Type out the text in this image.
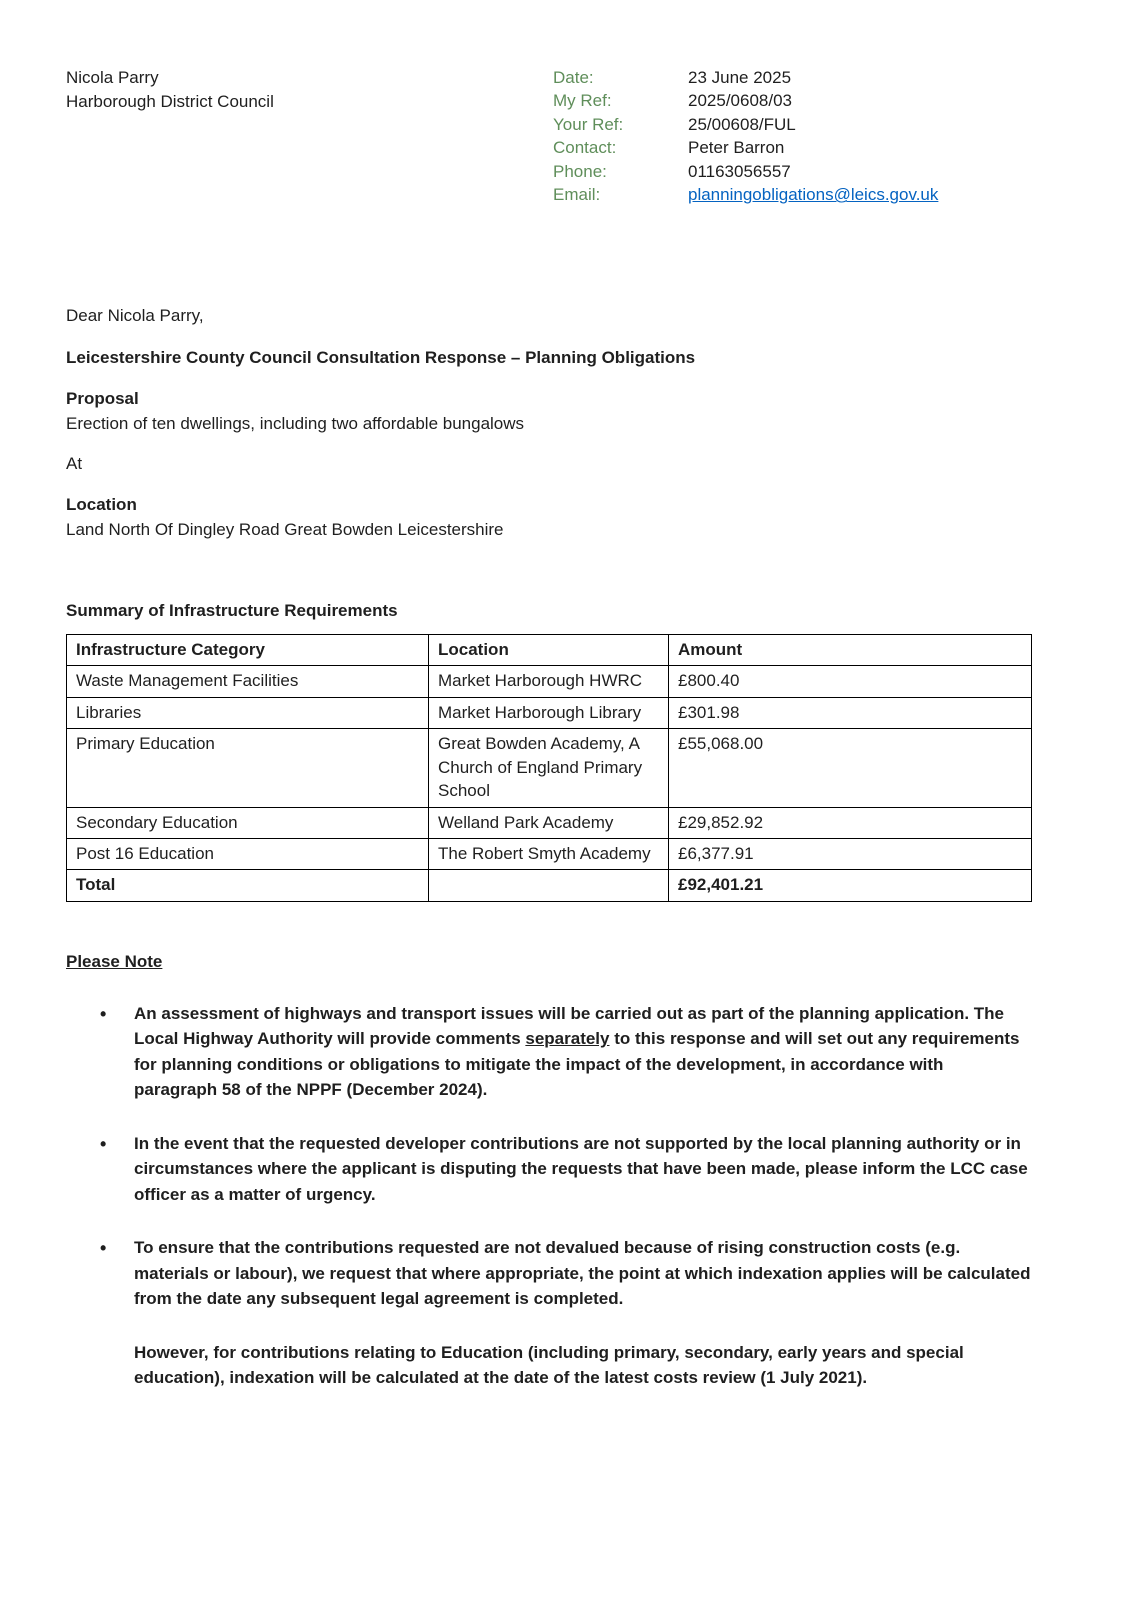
Nicola Parry
Harborough District Council
Date:	23 June 2025
My Ref:	2025/0608/03
Your Ref:	25/00608/FUL
Contact:	Peter Barron
Phone:	01163056557
Email:	planningobligations@leics.gov.uk
Dear Nicola Parry,
Leicestershire County Council Consultation Response – Planning Obligations
Proposal
Erection of ten dwellings, including two affordable bungalows
At
Location
Land North Of Dingley Road Great Bowden Leicestershire
Summary of Infrastructure Requirements
Infrastructure Category	Location	Amount
Waste Management Facilities	Market Harborough HWRC	£800.40
Libraries	Market Harborough Library	£301.98
Primary Education	Great Bowden Academy, A Church of England Primary School	£55,068.00
Secondary Education	Welland Park Academy	£29,852.92
Post 16 Education	The Robert Smyth Academy	£6,377.91
Total		£92,401.21
Please Note
• An assessment of highways and transport issues will be carried out as part of the planning application. The Local Highway Authority will provide comments separately to this response and will set out any requirements for planning conditions or obligations to mitigate the impact of the development, in accordance with paragraph 58 of the NPPF (December 2024).
• In the event that the requested developer contributions are not supported by the local planning authority or in circumstances where the applicant is disputing the requests that have been made, please inform the LCC case officer as a matter of urgency.
• To ensure that the contributions requested are not devalued because of rising construction costs (e.g. materials or labour), we request that where appropriate, the point at which indexation applies will be calculated from the date any subsequent legal agreement is completed.

However, for contributions relating to Education (including primary, secondary, early years and special education), indexation will be calculated at the date of the latest costs review (1 July 2021).
